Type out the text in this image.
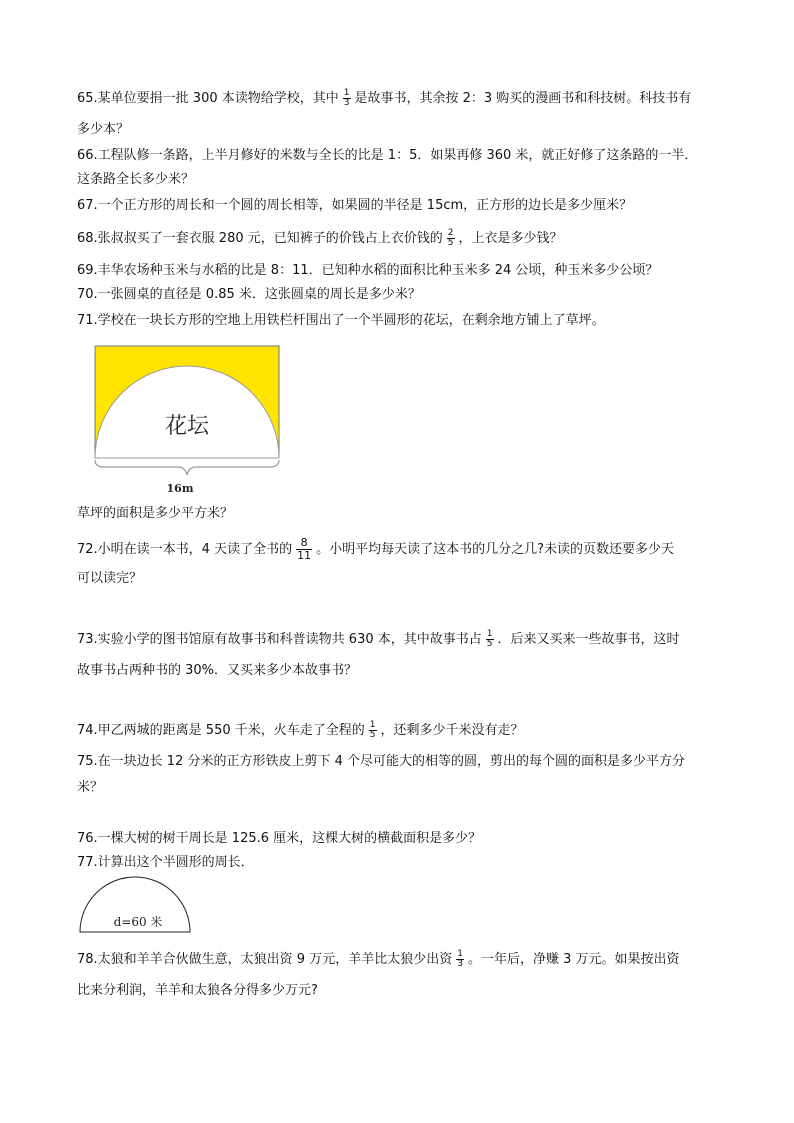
65.某单位要捐一批 300 本读物给学校，其中 $\frac{1}{3}$ 是故事书，其余按 2：3 购买的漫画书和科技树。科技书有
多少本？
66.工程队修一条路，上半月修好的米数与全长的比是 1：5．如果再修 360 米，就正好修了这条路的一半．
这条路全长多少米？
67.一个正方形的周长和一个圆的周长相等，如果圆的半径是 15cm，正方形的边长是多少厘米？
68.张叔叔买了一套衣服 280 元，已知裤子的价钱占上衣价钱的 $\frac{2}{5}$ ，上衣是多少钱？
69.丰华农场种玉米与水稻的比是 8：11．已知种水稻的面积比种玉米多 24 公顷，种玉米多少公顷？
70.一张圆桌的直径是 0.85 米．这张圆桌的周长是多少米？
71.学校在一块长方形的空地上用铁栏杆围出了一个半圆形的花坛，在剩余地方铺上了草坪。
花坛
16m
草坪的面积是多少平方米？
72.小明在读一本书，4 天读了全书的 $\frac{8}{11}$ 。小明平均每天读了这本书的几分之几?未读的页数还要多少天
可以读完？
73.实验小学的图书馆原有故事书和科普读物共 630 本，其中故事书占 $\frac{1}{5}$ ．后来又买来一些故事书，这时
故事书占两种书的 30%．又买来多少本故事书？
74.甲乙两城的距离是 550 千米，火车走了全程的 $\frac{1}{5}$ ，还剩多少千米没有走？
75.在一块边长 12 分米的正方形铁皮上剪下 4 个尽可能大的相等的圆，剪出的每个圆的面积是多少平方分
米？
76.一棵大树的树干周长是 125.6 厘米，这棵大树的横截面积是多少？
77.计算出这个半圆形的周长．
d=60 米
78.太狼和羊羊合伙做生意，太狼出资 9 万元，羊羊比太狼少出资 $\frac{1}{3}$ 。一年后，净赚 3 万元。如果按出资
比来分利润，羊羊和太狼各分得多少万元?
